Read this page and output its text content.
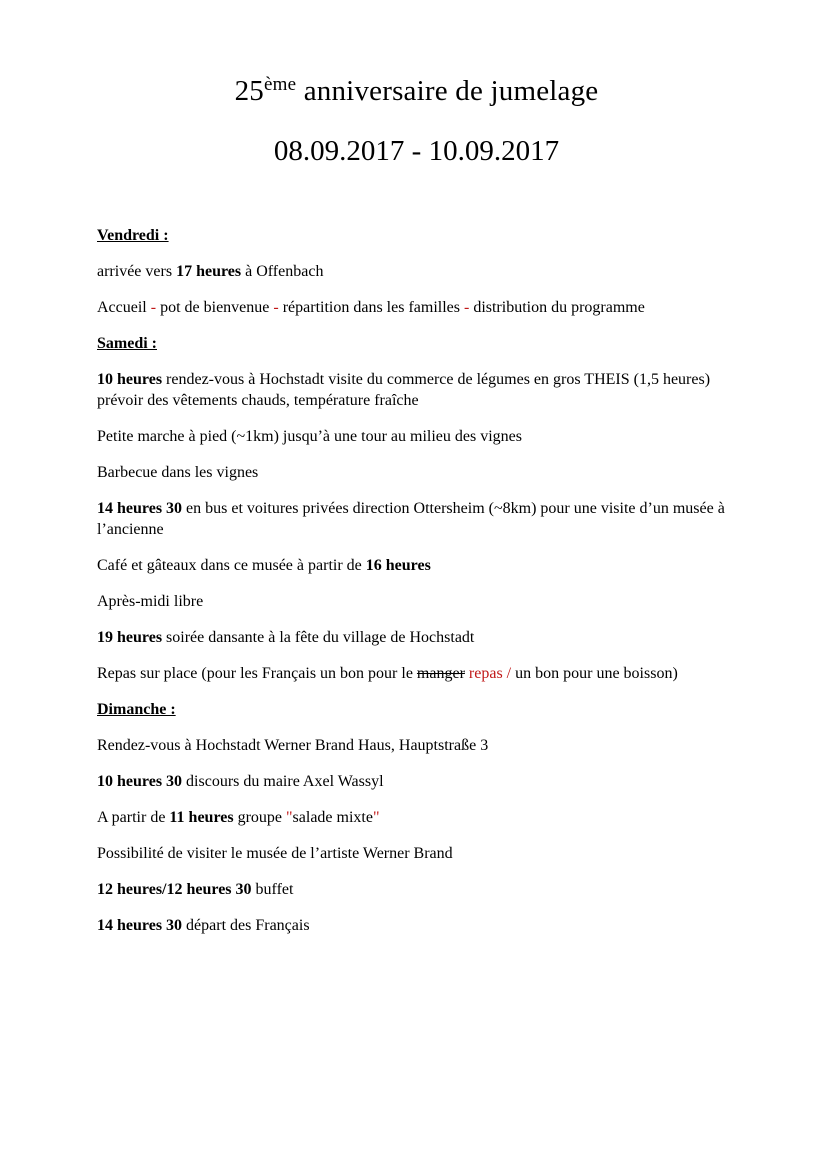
25ème anniversaire de jumelage
08.09.2017 - 10.09.2017

Vendredi :

arrivée vers 17 heures à Offenbach

Accueil - pot de bienvenue - répartition dans les familles - distribution du programme

Samedi :

10 heures rendez-vous à Hochstadt visite du commerce de légumes en gros THEIS (1,5 heures) prévoir des vêtements chauds, température fraîche

Petite marche à pied (~1km) jusqu’à une tour au milieu des vignes

Barbecue dans les vignes

14 heures 30 en bus et voitures privées direction Ottersheim (~8km) pour une visite d’un musée à l’ancienne

Café et gâteaux dans ce musée à partir de 16 heures

Après-midi libre

19 heures soirée dansante à la fête du village de Hochstadt

Repas sur place (pour les Français un bon pour le manger repas / un bon pour une boisson)

Dimanche :

Rendez-vous à Hochstadt Werner Brand Haus, Hauptstraße 3

10 heures 30 discours du maire Axel Wassyl

A partir de 11 heures groupe "salade mixte"

Possibilité de visiter le musée de l’artiste Werner Brand

12 heures/12 heures 30 buffet

14 heures 30 départ des Français
